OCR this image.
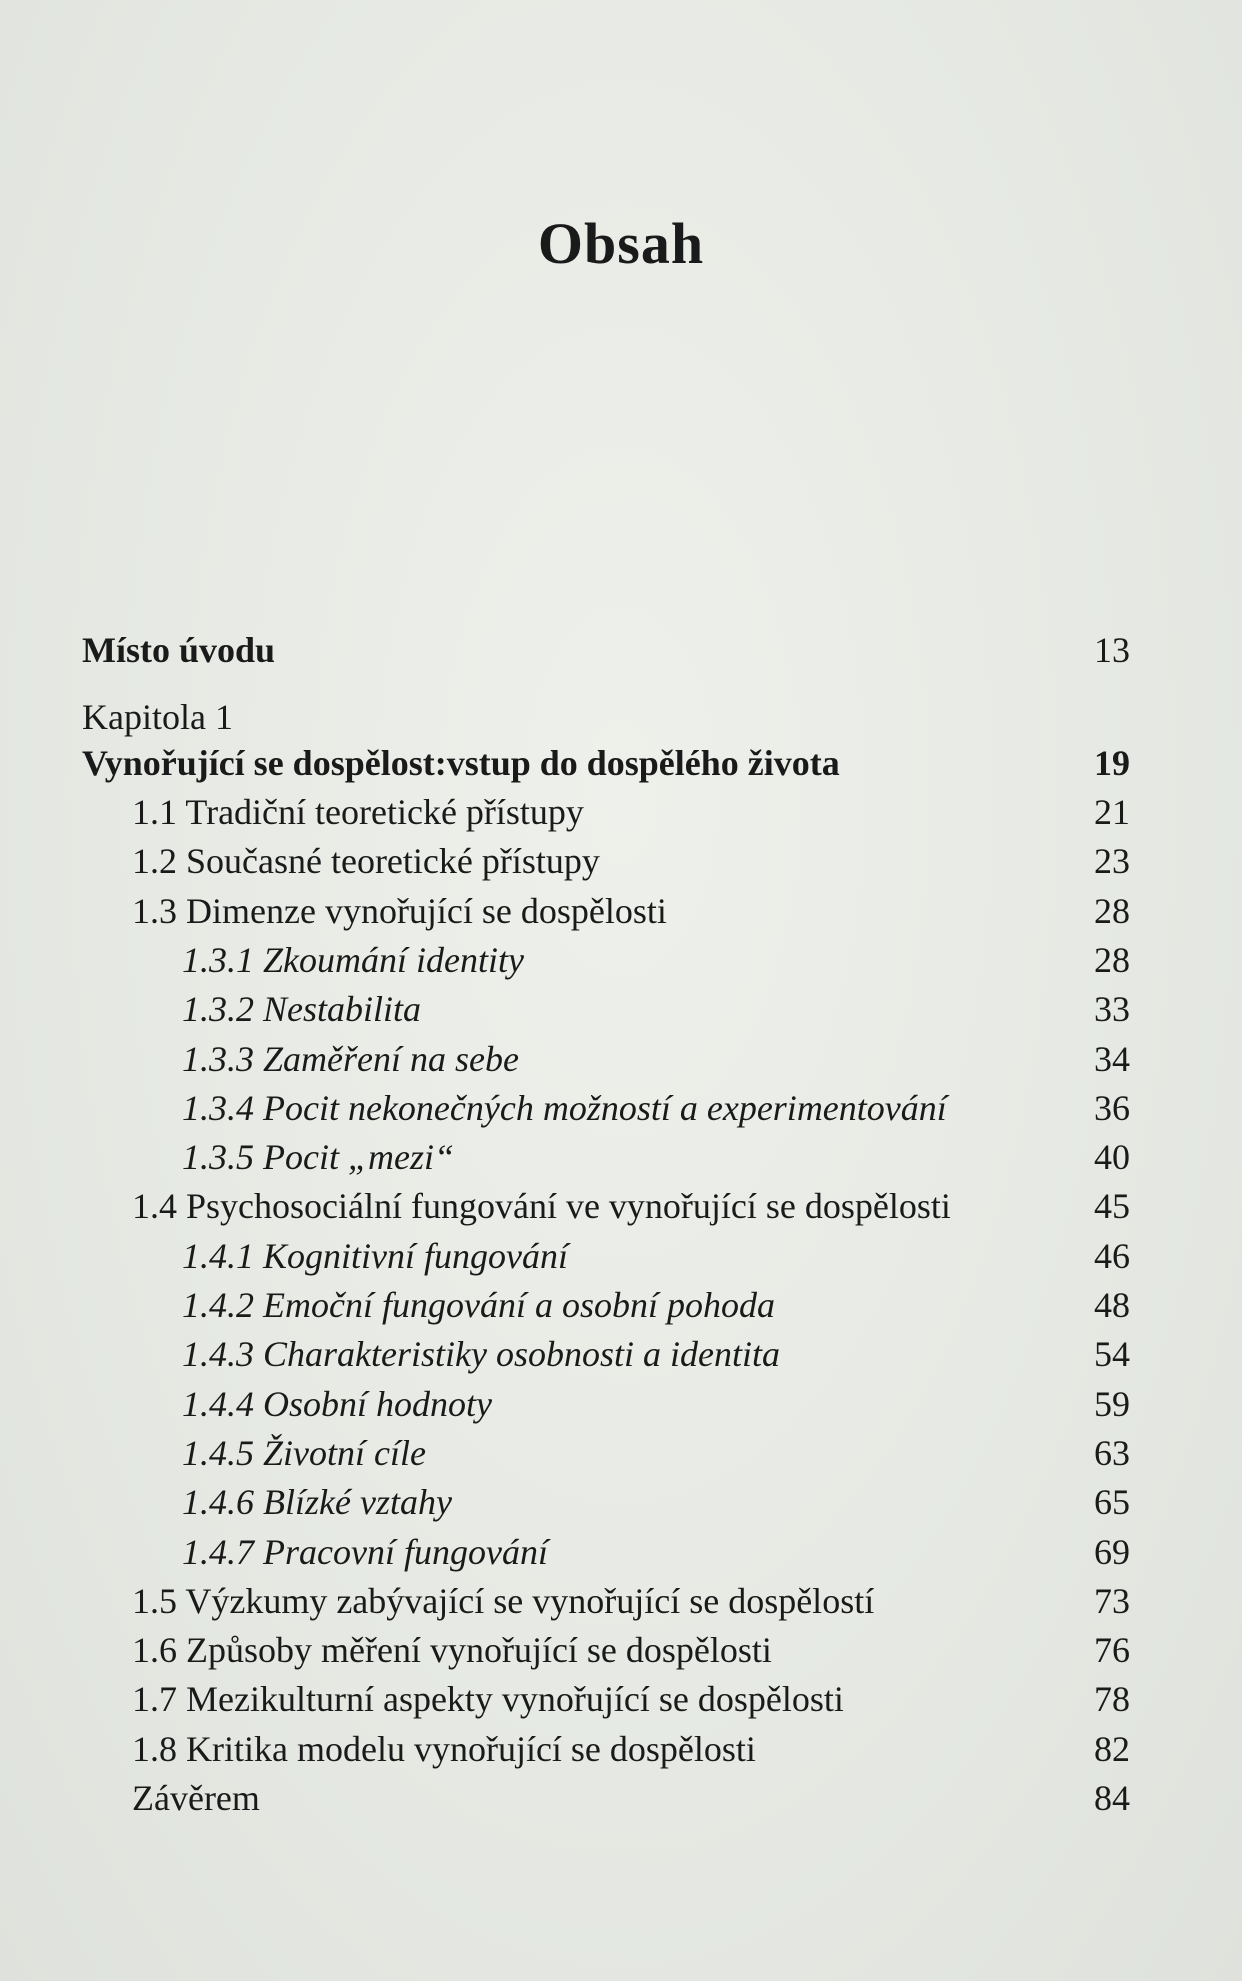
Obsah
Místo úvodu	13
Kapitola 1
Vynořující se dospělost:vstup do dospělého života	19
1.1 Tradiční teoretické přístupy	21
1.2 Současné teoretické přístupy	23
1.3 Dimenze vynořující se dospělosti	28
1.3.1 Zkoumání identity	28
1.3.2 Nestabilita	33
1.3.3 Zaměření na sebe	34
1.3.4 Pocit nekonečných možností a experimentování	36
1.3.5 Pocit „mezi“	40
1.4 Psychosociální fungování ve vynořující se dospělosti	45
1.4.1 Kognitivní fungování	46
1.4.2 Emoční fungování a osobní pohoda	48
1.4.3 Charakteristiky osobnosti a identita	54
1.4.4 Osobní hodnoty	59
1.4.5 Životní cíle	63
1.4.6 Blízké vztahy	65
1.4.7 Pracovní fungování	69
1.5 Výzkumy zabývající se vynořující se dospělostí	73
1.6 Způsoby měření vynořující se dospělosti	76
1.7 Mezikulturní aspekty vynořující se dospělosti	78
1.8 Kritika modelu vynořující se dospělosti	82
Závěrem	84
